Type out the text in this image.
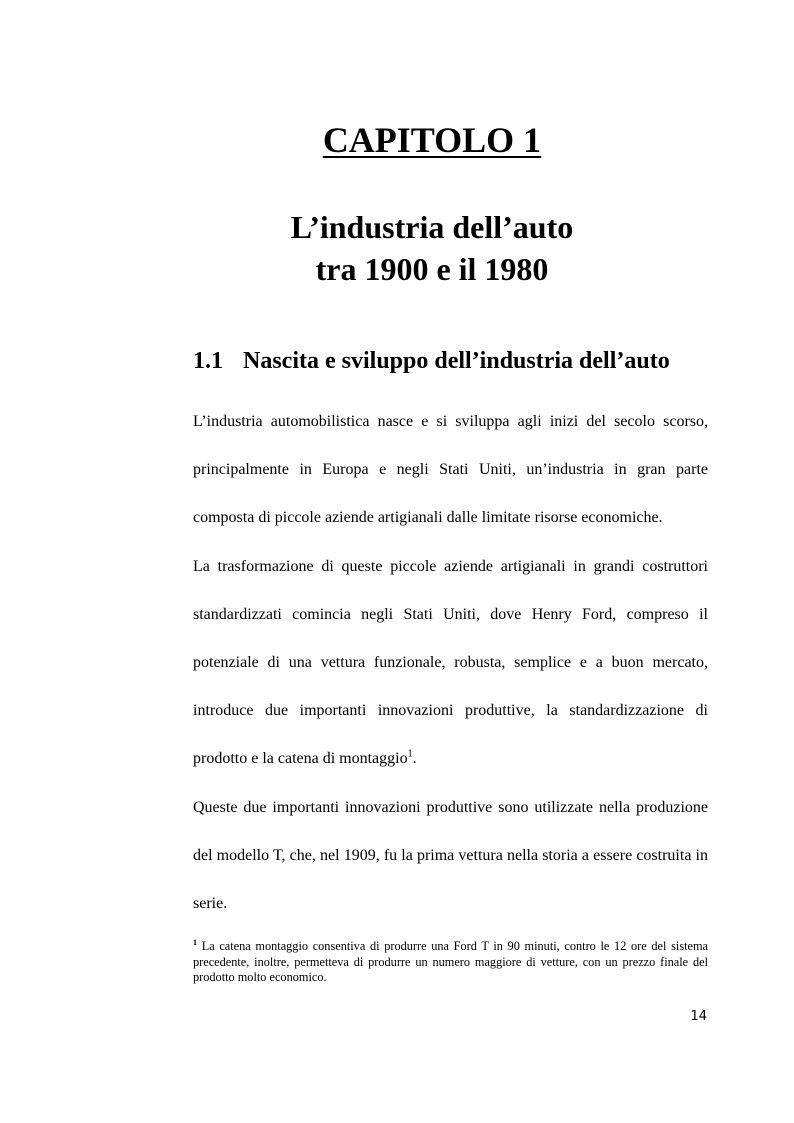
CAPITOLO 1
L’industria dell’auto
tra 1900 e il 1980
1.1 Nascita e sviluppo dell’industria dell’auto

L’industria automobilistica nasce e si sviluppa agli inizi del secolo scorso, principalmente in Europa e negli Stati Uniti, un’industria in gran parte composta di piccole aziende artigianali dalle limitate risorse economiche.

La trasformazione di queste piccole aziende artigianali in grandi costruttori standardizzati comincia negli Stati Uniti, dove Henry Ford, compreso il potenziale di una vettura funzionale, robusta, semplice e a buon mercato, introduce due importanti innovazioni produttive, la standardizzazione di prodotto e la catena di montaggio$^1$.

Queste due importanti innovazioni produttive sono utilizzate nella produzione del modello T, che, nel 1909, fu la prima vettura nella storia a essere costruita in serie.

$^1$ La catena montaggio consentiva di produrre una Ford T in 90 minuti, contro le 12 ore del sistema precedente, inoltre, permetteva di produrre un numero maggiore di vetture, con un prezzo finale del prodotto molto economico.

14
